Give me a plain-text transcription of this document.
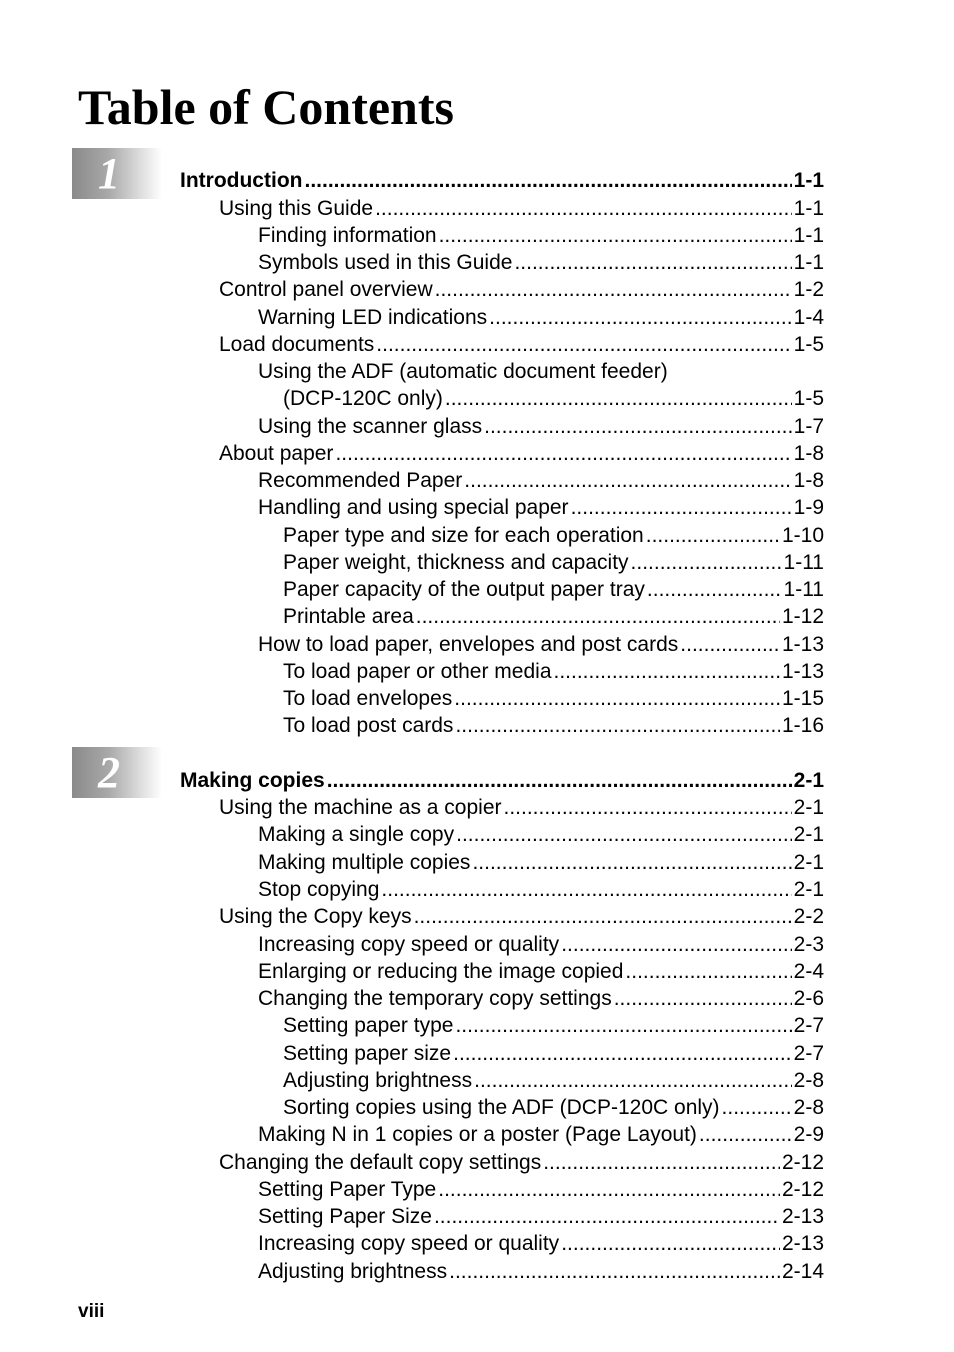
Table of Contents
1	Introduction .....	1-1
Using this Guide .....	1-1
Finding information .....	1-1
Symbols used in this Guide .....	1-1
Control panel overview .....	1-2
Warning LED indications .....	1-4
Load documents .....	1-5
Using the ADF (automatic document feeder)
(DCP-120C only) .....	1-5
Using the scanner glass .....	1-7
About paper .....	1-8
Recommended Paper .....	1-8
Handling and using special paper .....	1-9
Paper type and size for each operation .....	1-10
Paper weight, thickness and capacity .....	1-11
Paper capacity of the output paper tray .....	1-11
Printable area .....	1-12
How to load paper, envelopes and post cards .....	1-13
To load paper or other media .....	1-13
To load envelopes .....	1-15
To load post cards .....	1-16
2	Making copies .....	2-1
Using the machine as a copier .....	2-1
Making a single copy .....	2-1
Making multiple copies .....	2-1
Stop copying .....	2-1
Using the Copy keys .....	2-2
Increasing copy speed or quality .....	2-3
Enlarging or reducing the image copied .....	2-4
Changing the temporary copy settings .....	2-6
Setting paper type .....	2-7
Setting paper size .....	2-7
Adjusting brightness .....	2-8
Sorting copies using the ADF (DCP-120C only) .....	2-8
Making N in 1 copies or a poster (Page Layout) .....	2-9
Changing the default copy settings .....	2-12
Setting Paper Type .....	2-12
Setting Paper Size .....	2-13
Increasing copy speed or quality .....	2-13
Adjusting brightness .....	2-14
viii
